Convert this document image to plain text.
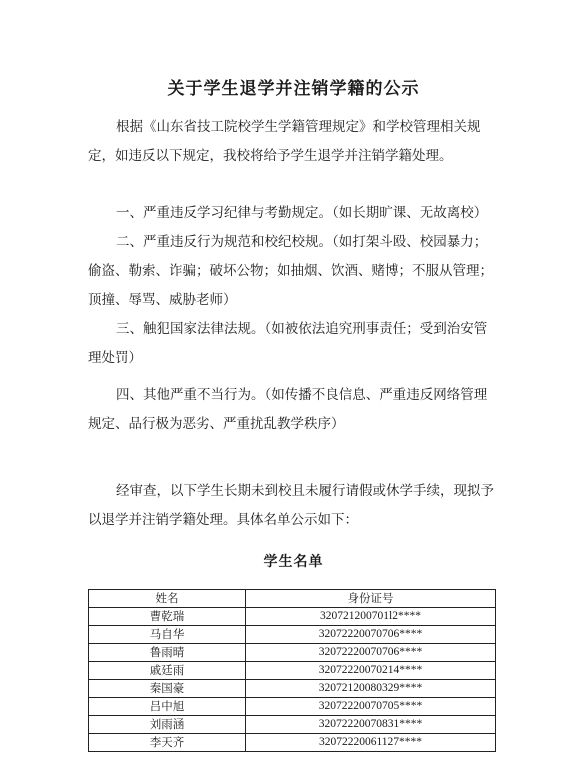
关于学生退学并注销学籍的公示

根据《山东省技工院校学生学籍管理规定》和学校管理相关规定，如违反以下规定，我校将给予学生退学并注销学籍处理。

一、严重违反学习纪律与考勤规定。（如长期旷课、无故离校）

二、严重违反行为规范和校纪校规。（如打架斗殴、校园暴力；偷盗、勒索、诈骗；破坏公物；如抽烟、饮酒、赌博；不服从管理；顶撞、辱骂、威胁老师）

三、触犯国家法律法规。（如被依法追究刑事责任；受到治安管理处罚）

四、其他严重不当行为。（如传播不良信息、严重违反网络管理规定、品行极为恶劣、严重扰乱教学秩序）

经审查，以下学生长期未到校且未履行请假或休学手续，现拟予以退学并注销学籍处理。具体名单公示如下：

学生名单
姓名	身份证号
曹乾瑞	320721200701l2****
马自华	32072220070706****
鲁雨晴	32072220070706****
戚廷雨	32072220070214****
秦国豪	32072120080329****
吕中旭	32072220070705****
刘雨涵	32072220070831****
李天齐	32072220061127****
